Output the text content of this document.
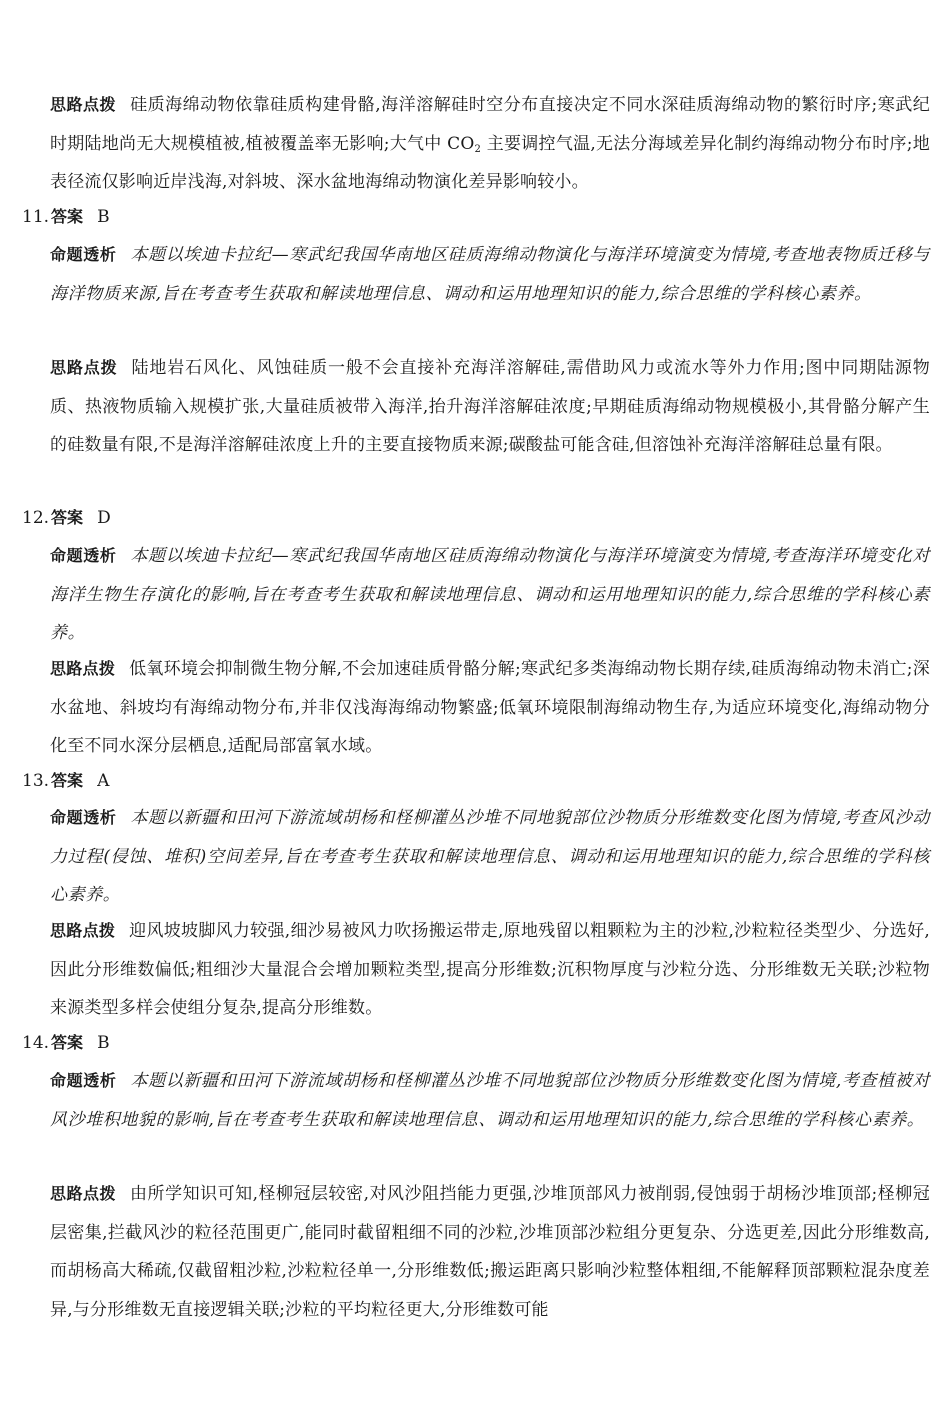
思路点拨 硅质海绵动物依靠硅质构建骨骼,海洋溶解硅时空分布直接决定不同水深硅质海绵动物的繁衍时序;寒武纪时期陆地尚无大规模植被,植被覆盖率无影响;大气中 $CO_2$ 主要调控气温,无法分海域差异化制约海绵动物分布时序;地表径流仅影响近岸浅海,对斜坡、深水盆地海绵动物演化差异影响较小。
11. 答案 B
命题透析 本题以埃迪卡拉纪—寒武纪我国华南地区硅质海绵动物演化与海洋环境演变为情境,考查地表物质迁移与海洋物质来源,旨在考查考生获取和解读地理信息、调动和运用地理知识的能力,综合思维的学科核心素养。
思路点拨 陆地岩石风化、风蚀硅质一般不会直接补充海洋溶解硅,需借助风力或流水等外力作用;图中同期陆源物质、热液物质输入规模扩张,大量硅质被带入海洋,抬升海洋溶解硅浓度;早期硅质海绵动物规模极小,其骨骼分解产生的硅数量有限,不是海洋溶解硅浓度上升的主要直接物质来源;碳酸盐可能含硅,但溶蚀补充海洋溶解硅总量有限。
12. 答案 D
命题透析 本题以埃迪卡拉纪—寒武纪我国华南地区硅质海绵动物演化与海洋环境演变为情境,考查海洋环境变化对海洋生物生存演化的影响,旨在考查考生获取和解读地理信息、调动和运用地理知识的能力,综合思维的学科核心素养。
思路点拨 低氧环境会抑制微生物分解,不会加速硅质骨骼分解;寒武纪多类海绵动物长期存续,硅质海绵动物未消亡;深水盆地、斜坡均有海绵动物分布,并非仅浅海海绵动物繁盛;低氧环境限制海绵动物生存,为适应环境变化,海绵动物分化至不同水深分层栖息,适配局部富氧水域。
13. 答案 A
命题透析 本题以新疆和田河下游流域胡杨和柽柳灌丛沙堆不同地貌部位沙物质分形维数变化图为情境,考查风沙动力过程(侵蚀、堆积)空间差异,旨在考查考生获取和解读地理信息、调动和运用地理知识的能力,综合思维的学科核心素养。
思路点拨 迎风坡坡脚风力较强,细沙易被风力吹扬搬运带走,原地残留以粗颗粒为主的沙粒,沙粒粒径类型少、分选好,因此分形维数偏低;粗细沙大量混合会增加颗粒类型,提高分形维数;沉积物厚度与沙粒分选、分形维数无关联;沙粒物来源类型多样会使组分复杂,提高分形维数。
14. 答案 B
命题透析 本题以新疆和田河下游流域胡杨和柽柳灌丛沙堆不同地貌部位沙物质分形维数变化图为情境,考查植被对风沙堆积地貌的影响,旨在考查考生获取和解读地理信息、调动和运用地理知识的能力,综合思维的学科核心素养。
思路点拨 由所学知识可知,柽柳冠层较密,对风沙阻挡能力更强,沙堆顶部风力被削弱,侵蚀弱于胡杨沙堆顶部;柽柳冠层密集,拦截风沙的粒径范围更广,能同时截留粗细不同的沙粒,沙堆顶部沙粒组分更复杂、分选更差,因此分形维数高,而胡杨高大稀疏,仅截留粗沙粒,沙粒粒径单一,分形维数低;搬运距离只影响沙粒整体粗细,不能解释顶部颗粒混杂度差异,与分形维数无直接逻辑关联;沙粒的平均粒径更大,分形维数可能
